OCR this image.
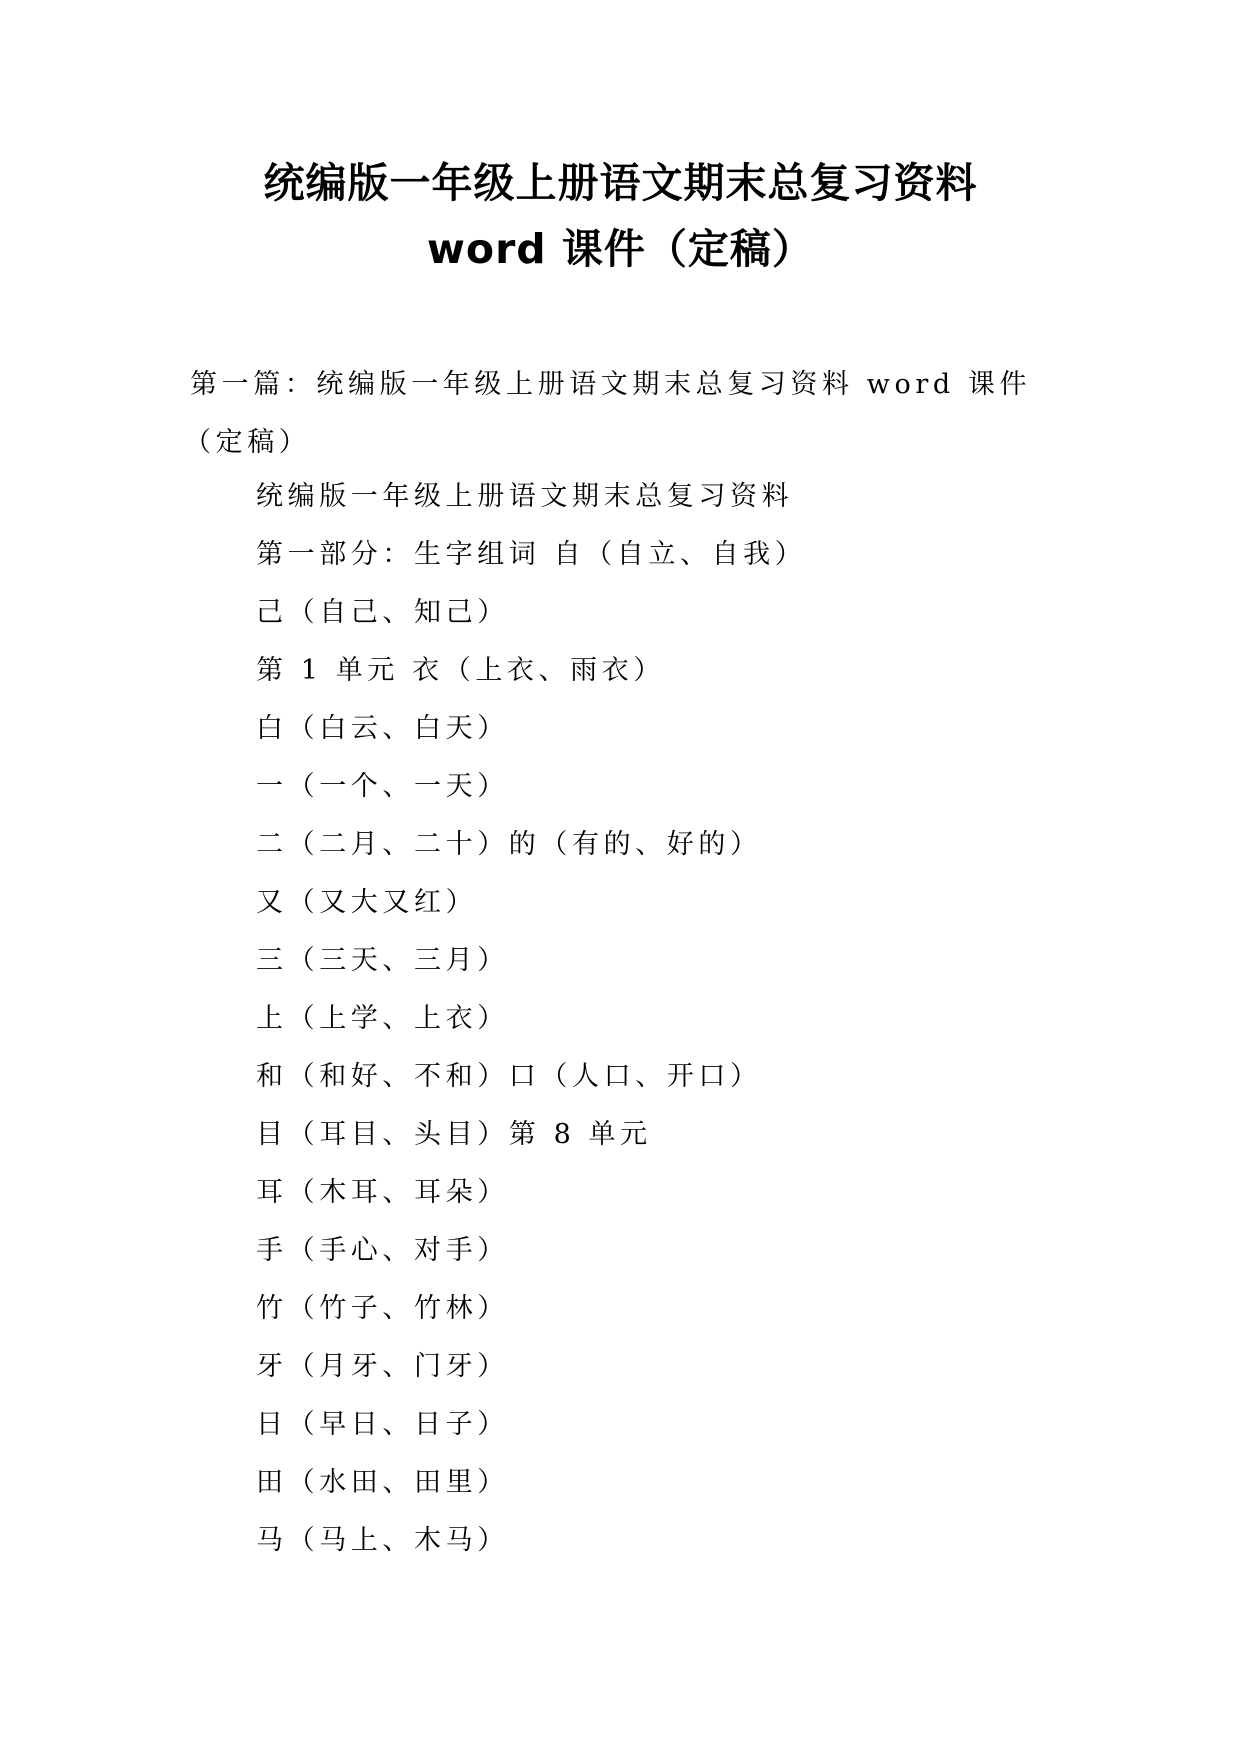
统编版一年级上册语文期末总复习资料
word 课件（定稿）
第一篇：统编版一年级上册语文期末总复习资料 word 课件
（定稿）
统编版一年级上册语文期末总复习资料
第一部分：生字组词 自（自立、自我）
己（自己、知己）
第 1 单元 衣（上衣、雨衣）
白（白云、白天）
一（一个、一天）
二（二月、二十）的（有的、好的）
又（又大又红）
三（三天、三月）
上（上学、上衣）
和（和好、不和）口（人口、开口）
目（耳目、头目）第 8 单元
耳（木耳、耳朵）
手（手心、对手）
竹（竹子、竹林）
牙（月牙、门牙）
日（早日、日子）
田（水田、田里）
马（马上、木马）
